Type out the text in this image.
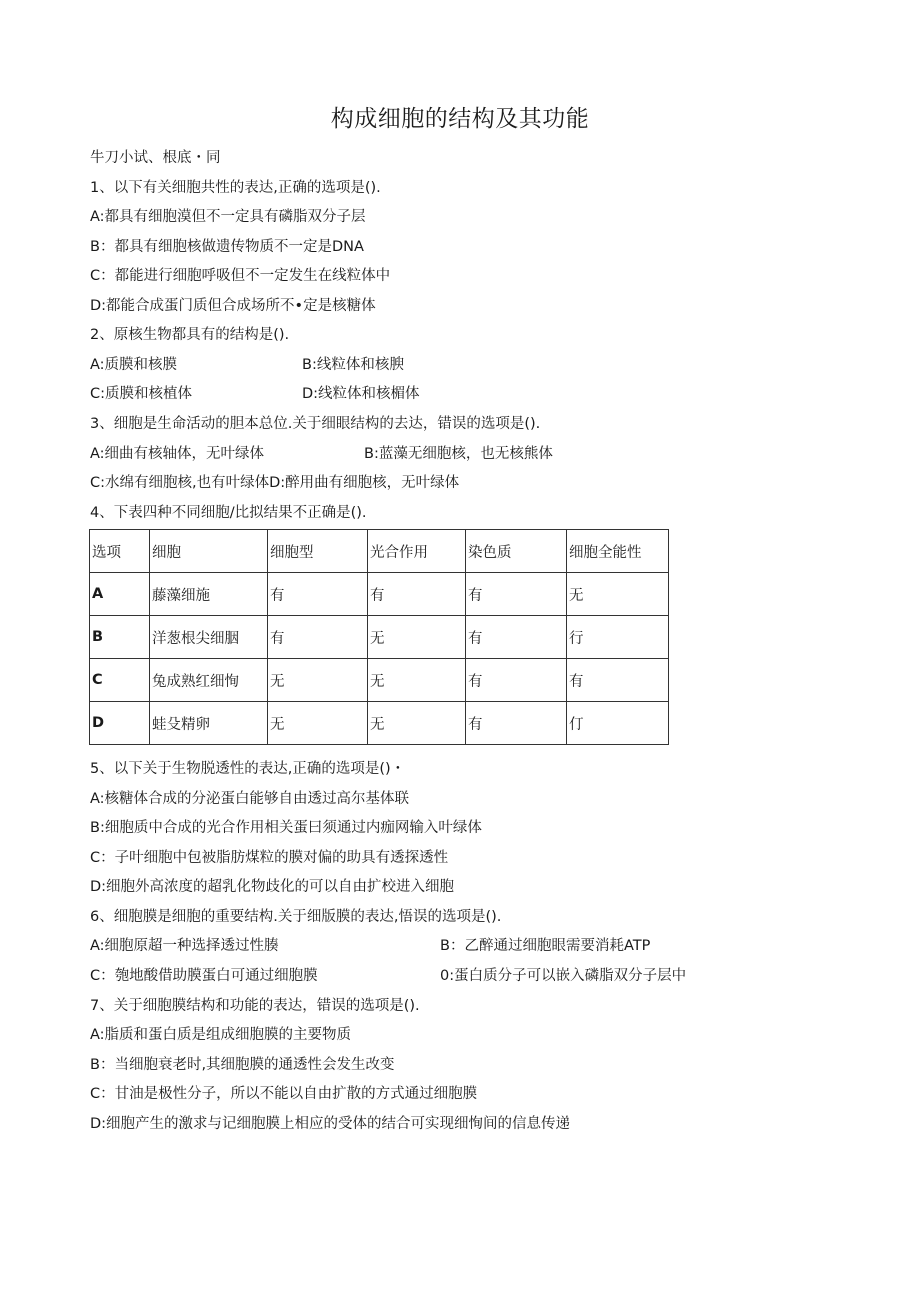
构成细胞的结构及其功能
牛刀小试、根底・同
1、以下有关细胞共性的表达,正确的选项是().
A:都具有细胞漠但不一定具有磷脂双分子层
B：都具有细胞核做遗传物质不一定是DNA
C：都能进行细胞呼吸但不一定发生在线粒体中
D:都能合成蛋门质但合成场所不•定是核糖体
2、原核生物都具有的结构是().
A:质膜和核膜	B:线粒体和核腴
C:质膜和核植体	D:线粒体和核楣体
3、细胞是生命活动的胆本总位.关于细眼结构的去达，错误的选项是().
A:细曲有核轴体，无叶绿体	B:蓝藻无细胞核，也无核熊体
C:水绵有细胞核,也有叶绿体D:醉用曲有细胞核，无叶绿体
4、下表四种不同细胞/比拟结果不正确是().
选项	细胞	细胞型	光合作用	染色质	细胞全能性
A	藤藻细施	有	有	有	无
B	洋葱根尖细胭	有	无	有	行
C	兔成熟红细恂	无	无	有	有
D	蛙殳精卵	无	无	有	仃
5、以下关于生物脱透性的表达,正确的选项是()・
A:核糖体合成的分泌蛋白能够自由透过高尔基体联
B:细胞质中合成的光合作用相关蛋曰须通过内痂网输入叶绿体
C：子叶细胞中包被脂肪煤粒的膜对偏的助具有透探透性
D:细胞外高浓度的超乳化物歧化的可以自由扩校进入细胞
6、细胞膜是细胞的重要结构.关于细版膜的表达,悟误的选项是().
A:细胞原超一种选择透过性腠	B：乙醉通过细胞眼需要消耗ATP
C：匏地酸借助膜蛋白可通过细胞膜	0:蛋白质分子可以嵌入磷脂双分子层中
7、关于细胞膜结构和功能的表达，错误的选项是().
A:脂质和蛋白质是组成细胞膜的主要物质
B：当细胞衰老时,其细胞膜的通透性会发生改变
C：甘油是极性分子，所以不能以自由扩散的方式通过细胞膜
D:细胞产生的激求与记细胞膜上相应的受体的结合可实现细恂间的信息传递
